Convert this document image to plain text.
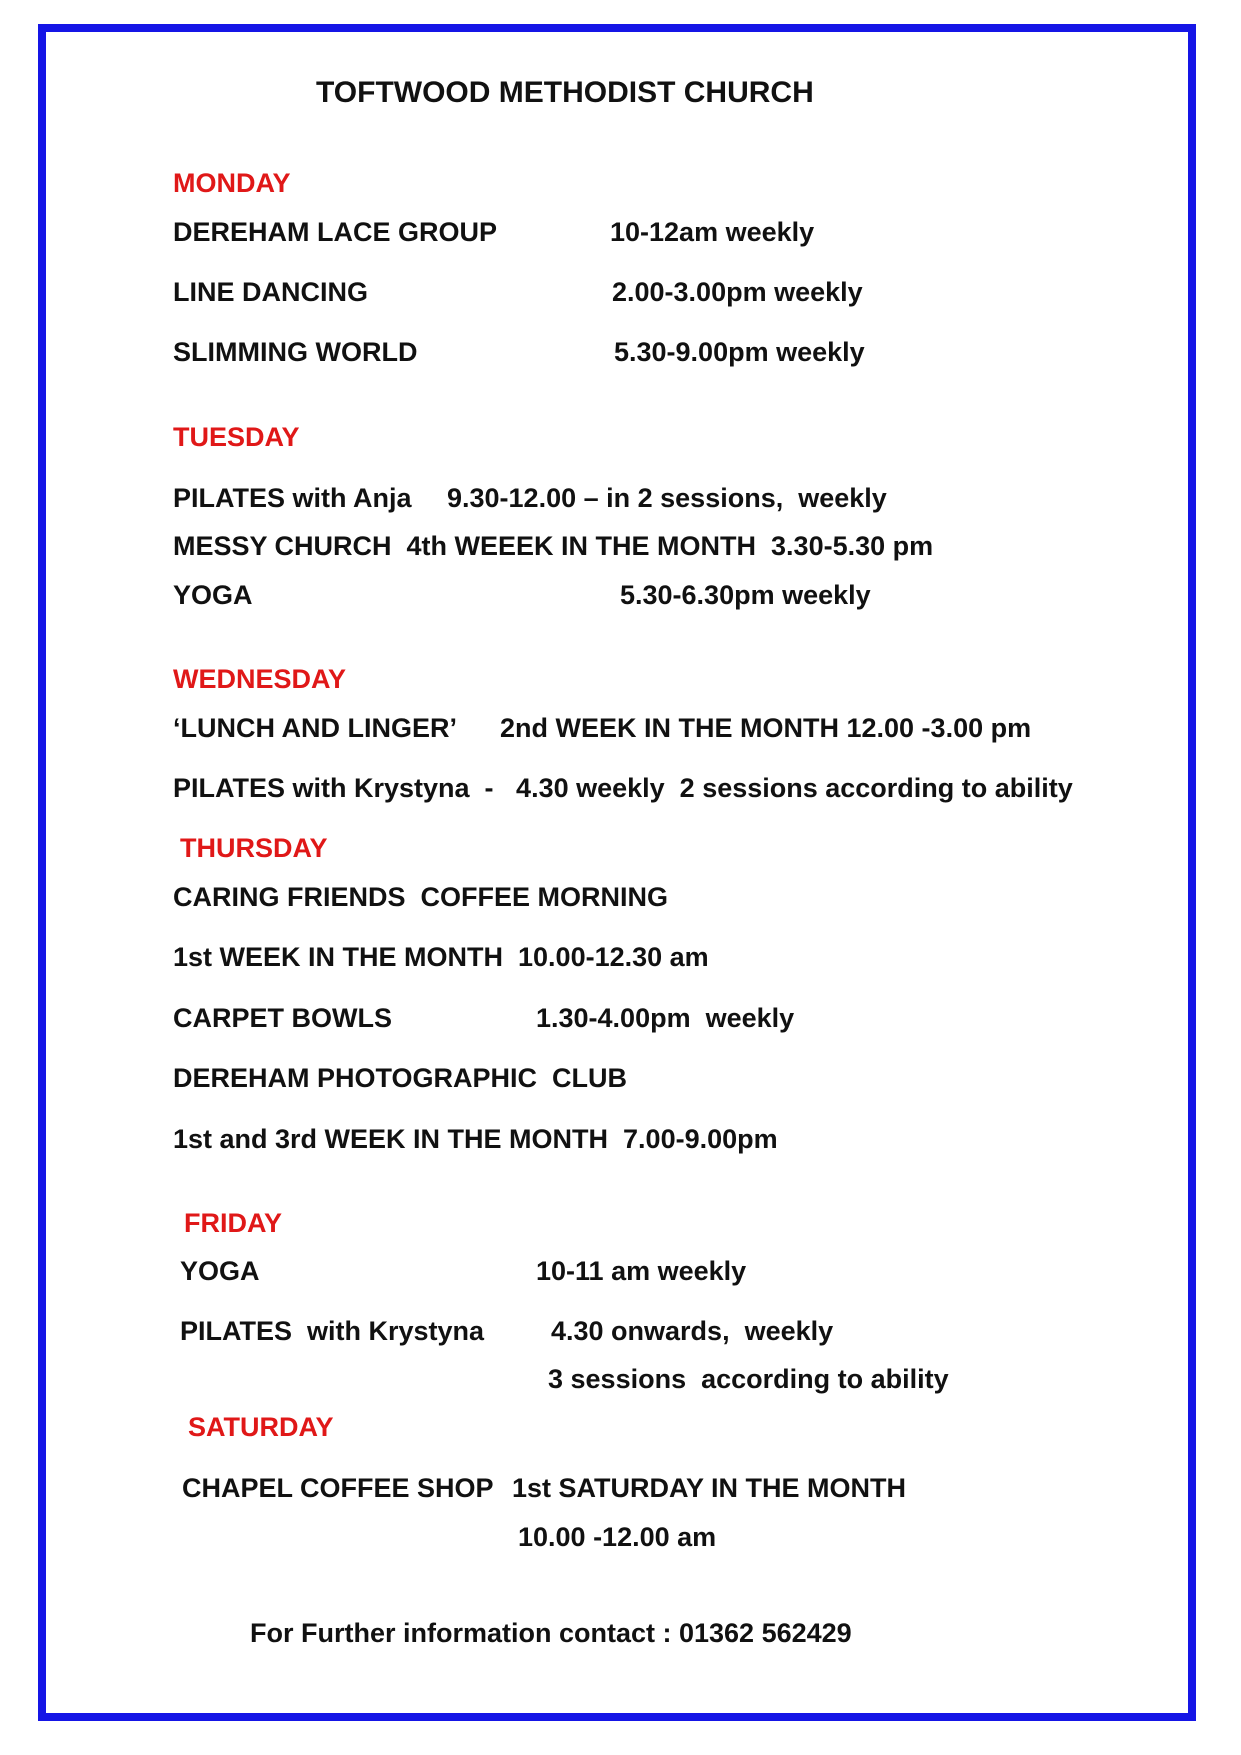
TOFTWOOD METHODIST CHURCH
MONDAY
DEREHAM LACE GROUP	10-12am weekly
LINE DANCING	2.00-3.00pm weekly
SLIMMING WORLD	5.30-9.00pm weekly
TUESDAY
PILATES with Anja 9.30-12.00 – in 2 sessions,  weekly
MESSY CHURCH  4th WEEEK IN THE MONTH  3.30-5.30 pm
YOGA	5.30-6.30pm weekly
WEDNESDAY
‘LUNCH AND LINGER’ 2nd WEEK IN THE MONTH 12.00 -3.00 pm
PILATES with Krystyna  -   4.30 weekly  2 sessions according to ability
THURSDAY
CARING FRIENDS  COFFEE MORNING
1st WEEK IN THE MONTH  10.00-12.30 am
CARPET BOWLS	1.30-4.00pm  weekly
DEREHAM PHOTOGRAPHIC  CLUB
1st and 3rd WEEK IN THE MONTH  7.00-9.00pm
FRIDAY
YOGA	10-11 am weekly
PILATES  with Krystyna 4.30 onwards,  weekly
3 sessions  according to ability
SATURDAY
CHAPEL COFFEE SHOP 1st SATURDAY IN THE MONTH
10.00 -12.00 am
For Further information contact : 01362 562429
